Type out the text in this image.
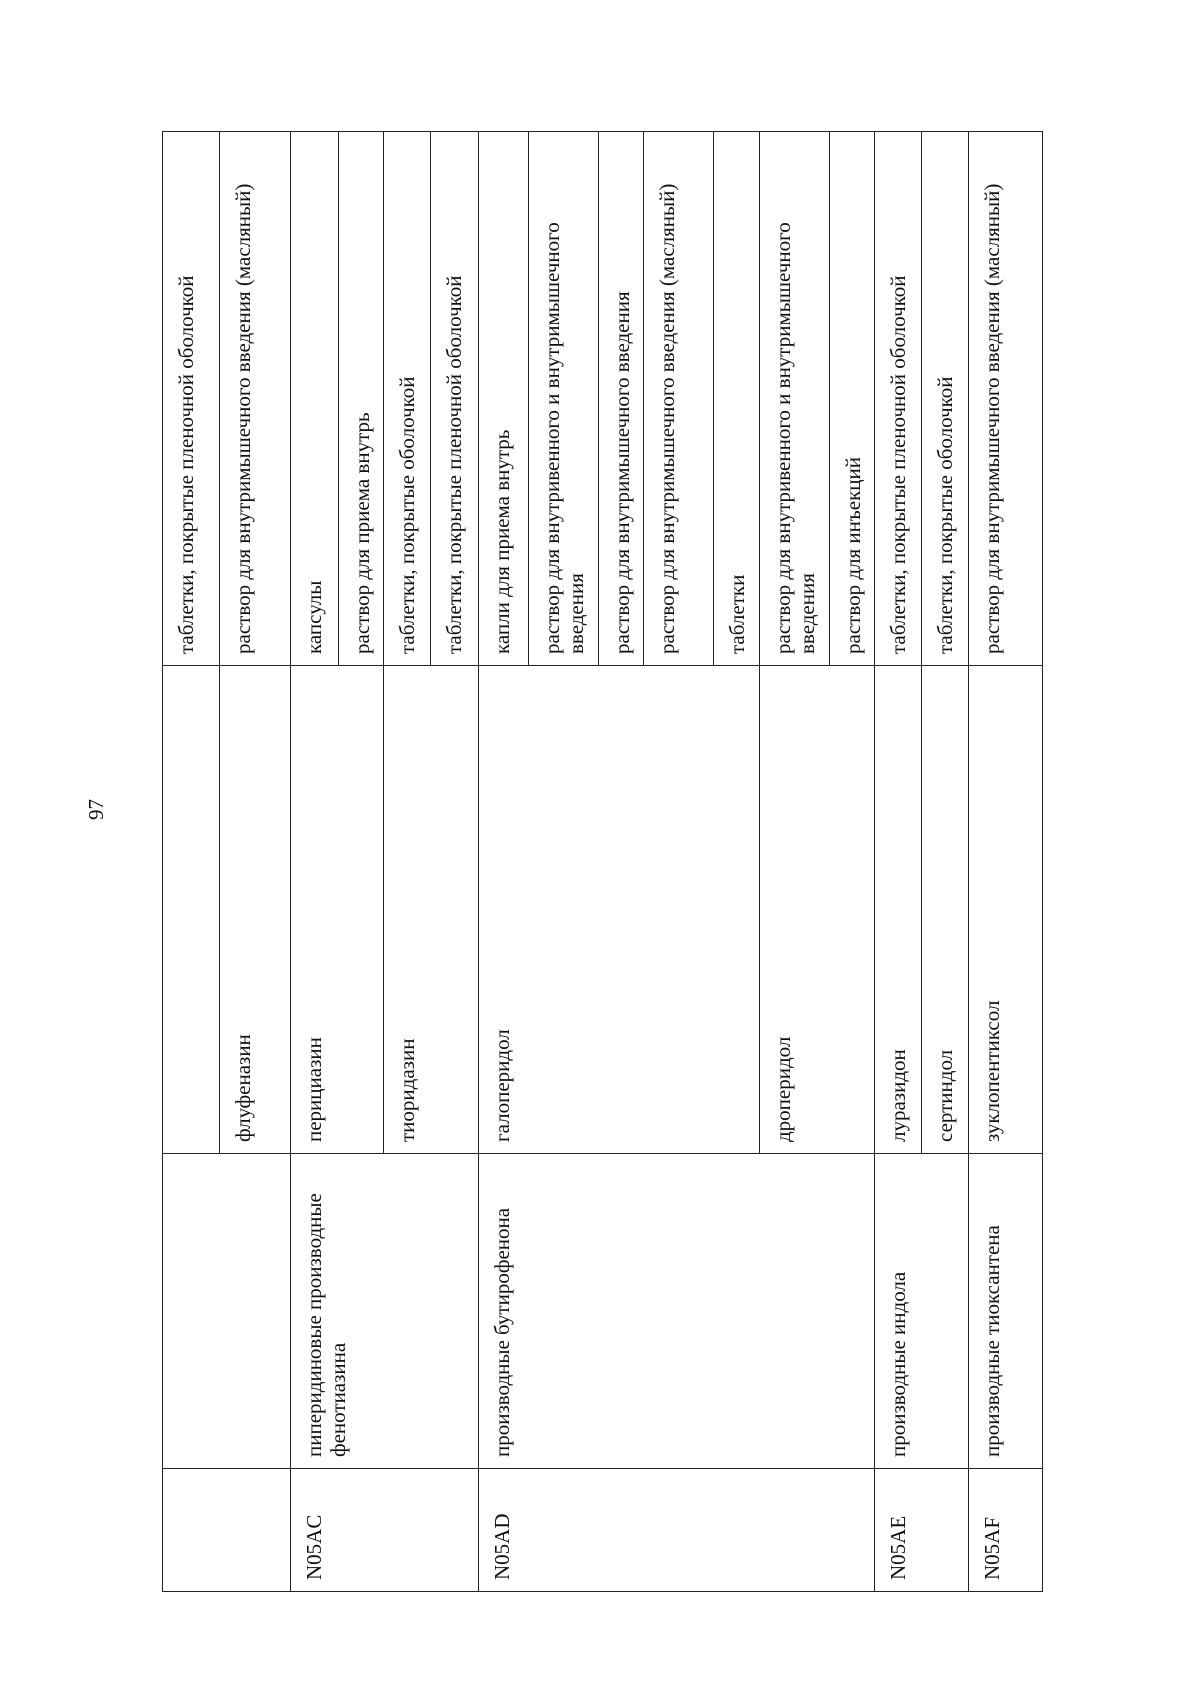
97
			таблетки, покрытые пленочной оболочкой
		флуфеназин	раствор для внутримышечного введения (масляный)
N05AC	пиперидиновые производные фенотиазина	перициазин	капсулы
			раствор для приема внутрь
		тиоридазин	таблетки, покрытые оболочкой
			таблетки, покрытые пленочной оболочкой
N05AD	производные бутирофенона	галоперидол	капли для приема внутрь
			раствор для внутривенного и внутримышечного введения
			раствор для внутримышечного введения
			раствор для внутримышечного введения (масляный)
			таблетки
		дроперидол	раствор для внутривенного и внутримышечного введения
			раствор для инъекций
N05AE	производные индола	луразидон	таблетки, покрытые пленочной оболочкой
		сертиндол	таблетки, покрытые оболочкой
N05AF	производные тиоксантена	зуклопентиксол	раствор для внутримышечного введения (масляный)
